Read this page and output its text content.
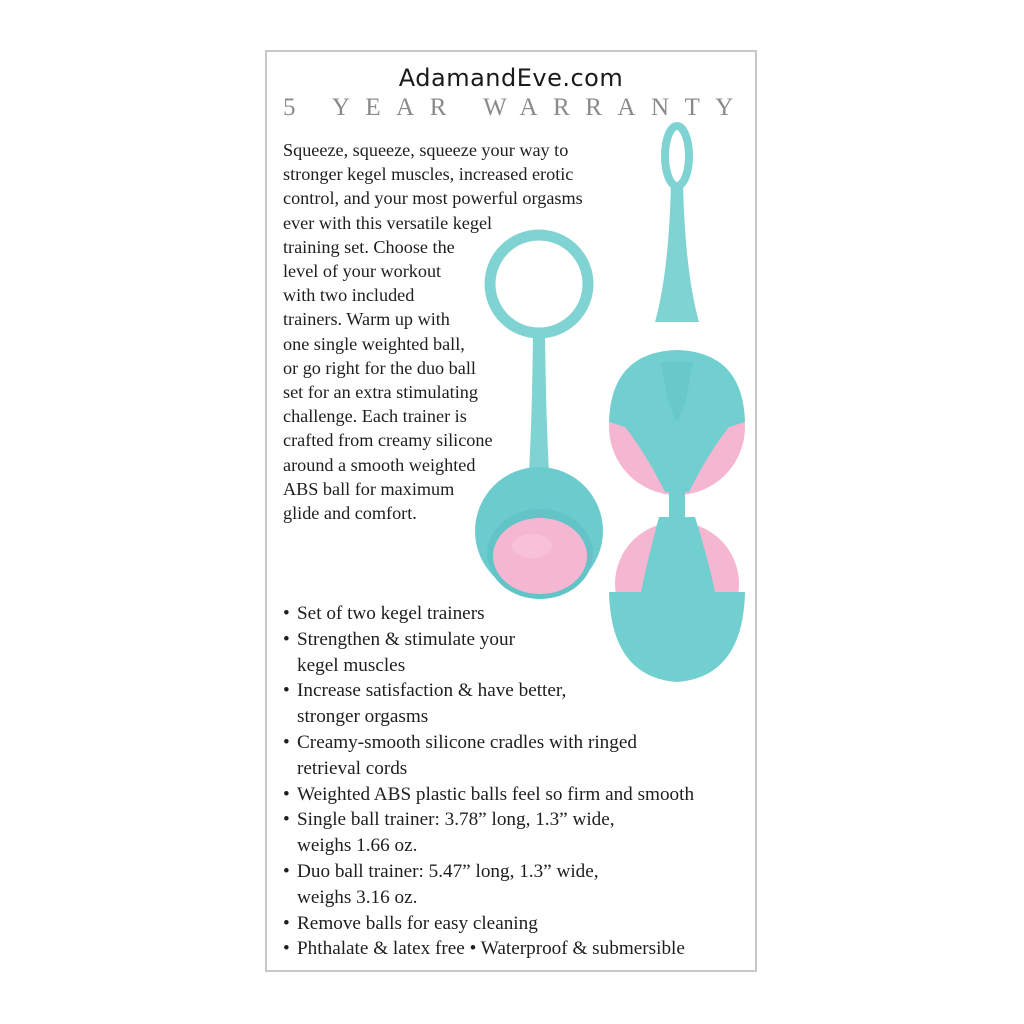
AdamandEve.com
5 YEAR WARRANTY
Squeeze, squeeze, squeeze your way to
stronger kegel muscles, increased erotic
control, and your most powerful orgasms
ever with this versatile kegel
training set. Choose the
level of your workout
with two included
trainers. Warm up with
one single weighted ball,
or go right for the duo ball
set for an extra stimulating
challenge. Each trainer is
crafted from creamy silicone
around a smooth weighted
ABS ball for maximum
glide and comfort.
• Set of two kegel trainers
• Strengthen & stimulate your
kegel muscles
• Increase satisfaction & have better,
stronger orgasms
• Creamy-smooth silicone cradles with ringed
retrieval cords
• Weighted ABS plastic balls feel so firm and smooth
• Single ball trainer: 3.78” long, 1.3” wide,
weighs 1.66 oz.
• Duo ball trainer: 5.47” long, 1.3” wide,
weighs 3.16 oz.
• Remove balls for easy cleaning
• Phthalate & latex free • Waterproof & submersible
